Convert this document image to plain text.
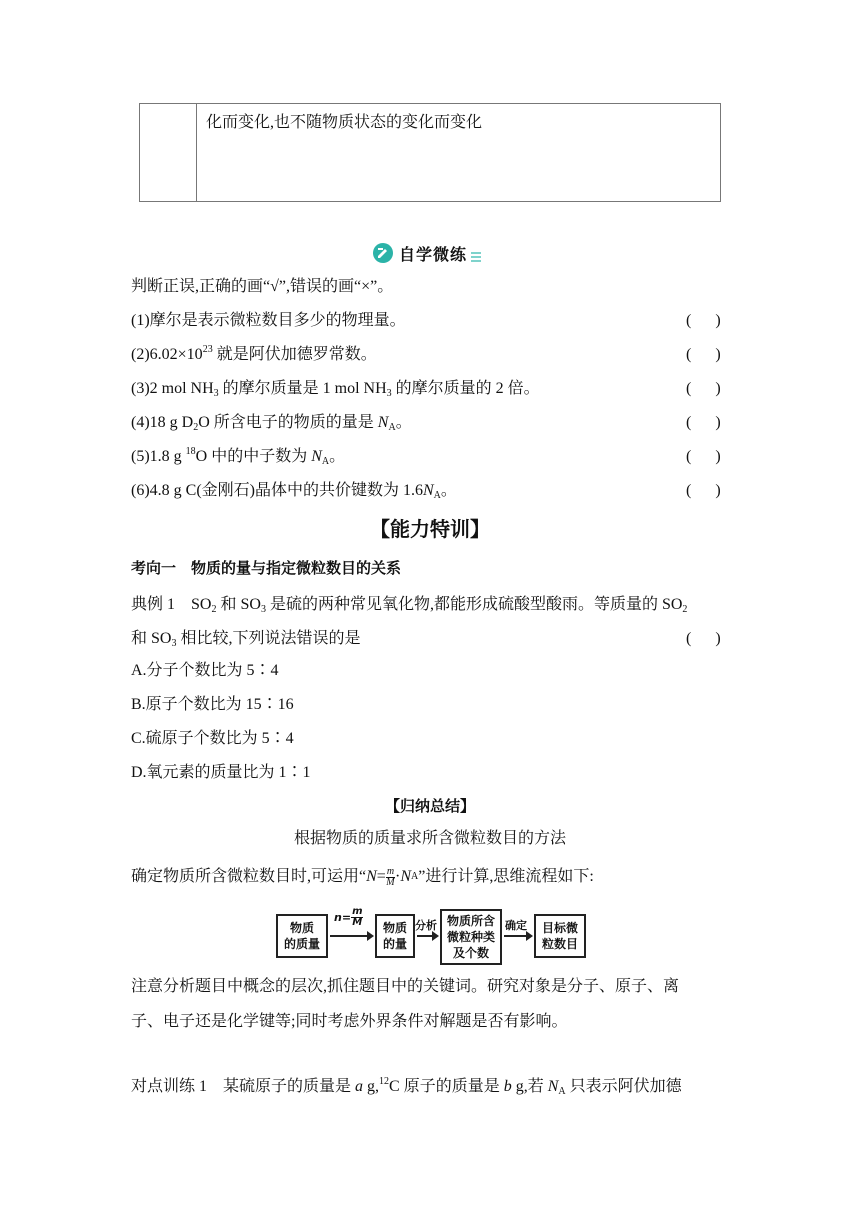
化而变化,也不随物质状态的变化而变化
自学微练
判断正误,正确的画“√”,错误的画“×”。
(1)摩尔是表示微粒数目多少的物理量。	(      )
$(2)6.02\times 10^{23}$ 就是阿伏加德罗常数。	(      )
(3)2 mol $NH_3$ 的摩尔质量是 1 mol $NH_3$ 的摩尔质量的 2 倍。	(      )
(4)18 g $D_2O$ 所含电子的物质的量是 $N_A$。	(      )
(5)1.8 g $^{18}$O 中的中子数为 $N_A$。	(      )
(6)4.8 g C(金刚石)晶体中的共价键数为 $1.6N_A$。	(      )
【能力特训】
考向一　物质的量与指定微粒数目的关系
典例 1　$SO_2$ 和 $SO_3$ 是硫的两种常见氧化物,都能形成硫酸型酸雨。等质量的 $SO_2$
和 $SO_3$ 相比较,下列说法错误的是	(      )
A.分子个数比为 5∶4
B.原子个数比为 15∶16
C.硫原子个数比为 5∶4
D.氧元素的质量比为 1∶1
【归纳总结】
根据物质的质量求所含微粒数目的方法
确定物质所含微粒数目时,可运用“ $N = \frac{m}{M} \cdot N$ A ”进行计算,思维流程如下:
物质
的质量
$n= \frac{m}{M}$	物质
的量
分析 物质所含
微粒种类
及个数
确定	目标微
粒数目
注意分析题目中概念的层次,抓住题目中的关键词。研究对象是分子、原子、离
子、电子还是化学键等;同时考虑外界条件对解题是否有影响。
对点训练 1　某硫原子的质量是 a g,$^{12}$C 原子的质量是 b g,若 $N_A$ 只表示阿伏加德
